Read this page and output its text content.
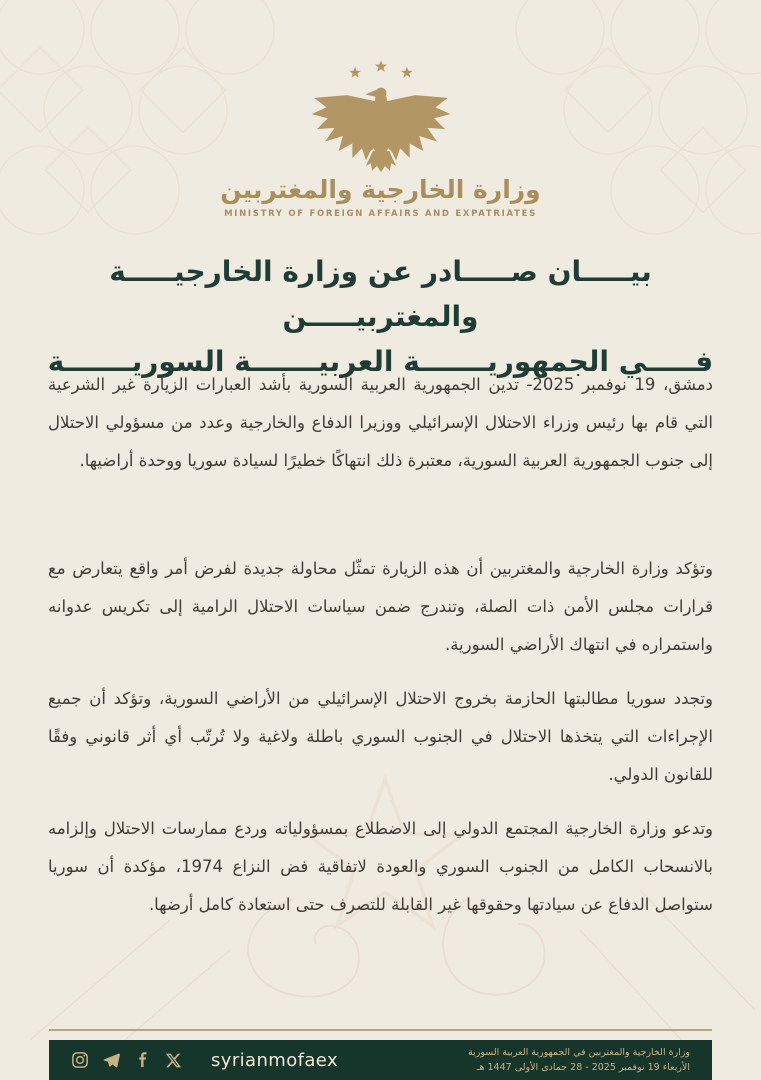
وزارة الخارجية والمغتربين
MINISTRY OF FOREIGN AFFAIRS AND EXPATRIATES
بيـــــان صـــــادر عن وزارة الخارجيـــــة والمغتربيـــــن
فـــــي الجمهوريـــــــة العربيـــــــة السوريـــــــة

دمشق، 19 نوفمبر 2025- تدين الجمهورية العربية السورية بأشد العبارات الزيارة غير الشرعية التي قام بها رئيس وزراء الاحتلال الإسرائيلي ووزيرا الدفاع والخارجية وعدد من مسؤولي الاحتلال إلى جنوب الجمهورية العربية السورية، معتبرة ذلك انتهاكًا خطيرًا لسيادة سوريا ووحدة أراضيها.

وتؤكد وزارة الخارجية والمغتربين أن هذه الزيارة تمثّل محاولة جديدة لفرض أمر واقع يتعارض مع قرارات مجلس الأمن ذات الصلة، وتندرج ضمن سياسات الاحتلال الرامية إلى تكريس عدوانه واستمراره في انتهاك الأراضي السورية.

وتجدد سوريا مطالبتها الحازمة بخروج الاحتلال الإسرائيلي من الأراضي السورية، وتؤكد أن جميع الإجراءات التي يتخذها الاحتلال في الجنوب السوري باطلة ولاغية ولا تُرتّب أي أثر قانوني وفقًا للقانون الدولي.

وتدعو وزارة الخارجية المجتمع الدولي إلى الاضطلاع بمسؤولياته وردع ممارسات الاحتلال وإلزامه بالانسحاب الكامل من الجنوب السوري والعودة لاتفاقية فض النزاع 1974، مؤكدة أن سوريا ستواصل الدفاع عن سيادتها وحقوقها غير القابلة للتصرف حتى استعادة كامل أرضها.

syrianmofaex	وزارة الخارجية والمغتربين في الجمهورية العربية السورية
الأربعاء 19 نوفمبر 2025 - 28 جمادى الأولى 1447 هـ
